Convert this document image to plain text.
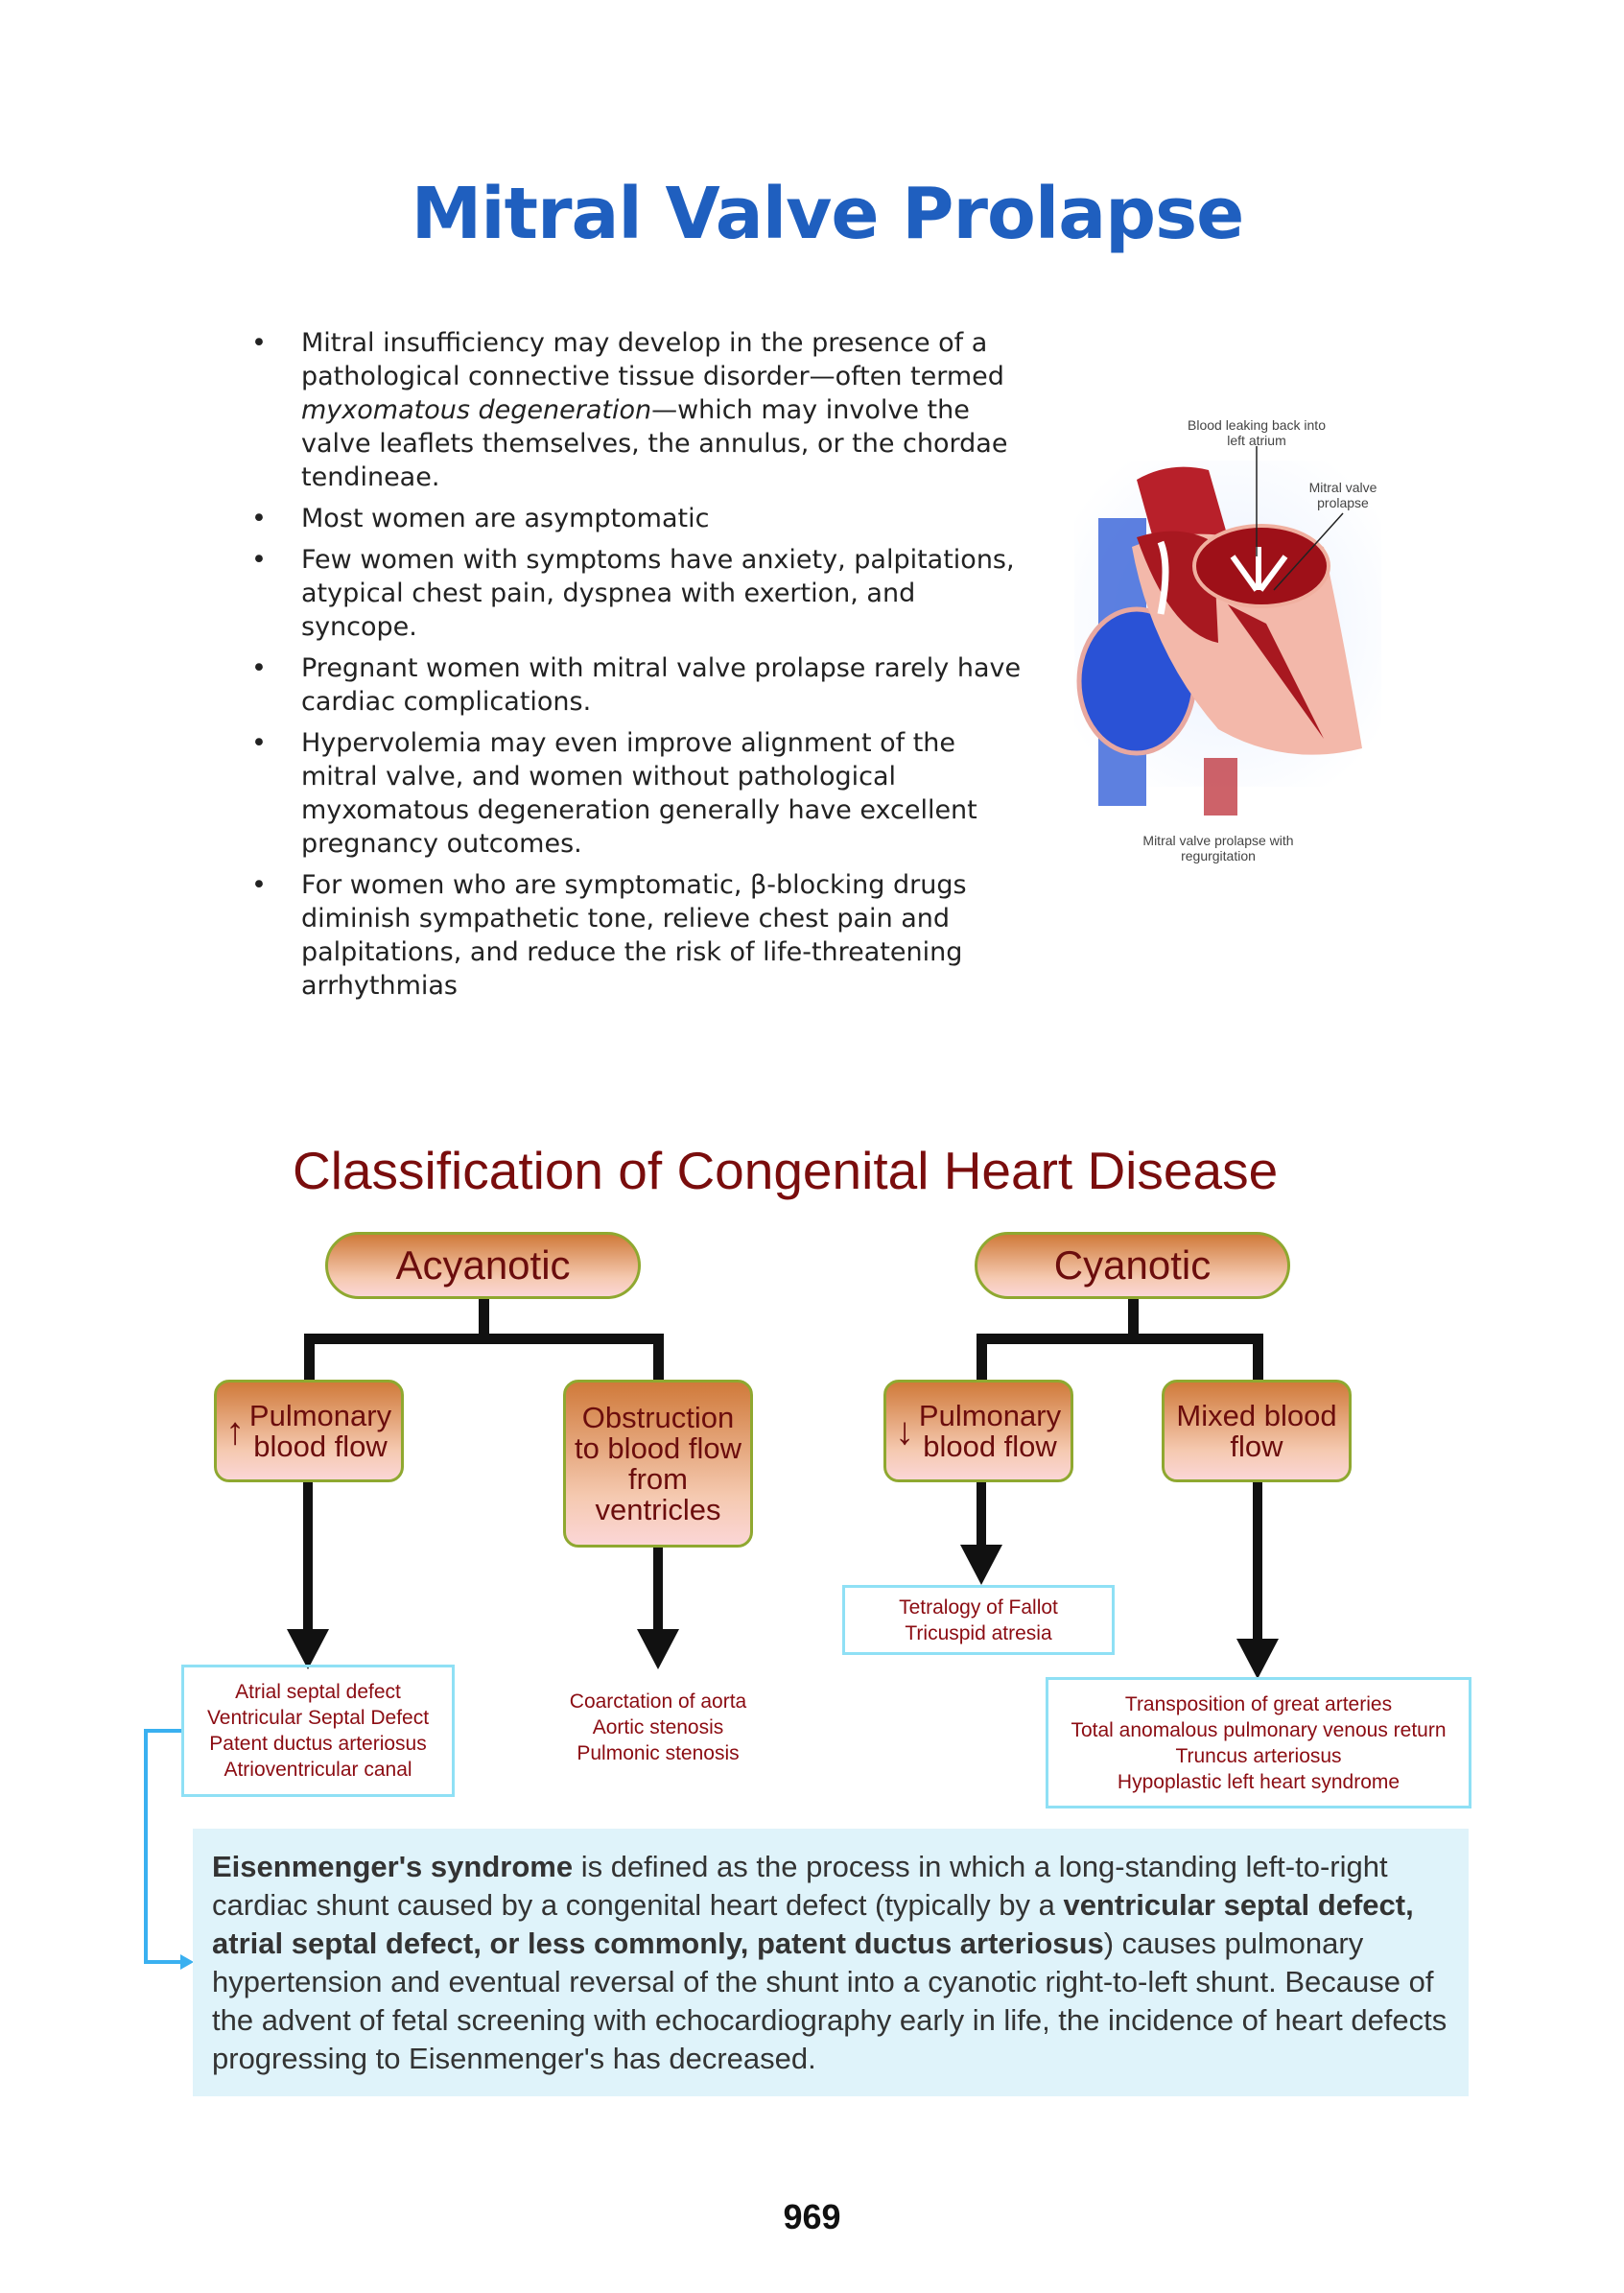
Mitral Valve Prolapse
• Mitral insufficiency may develop in the presence of a pathological connective tissue disorder—often termed myxomatous degeneration—which may involve the valve leaflets themselves, the annulus, or the chordae tendineae.
• Most women are asymptomatic
• Few women with symptoms have anxiety, palpitations, atypical chest pain, dyspnea with exertion, and syncope.
• Pregnant women with mitral valve prolapse rarely have cardiac complications.
• Hypervolemia may even improve alignment of the mitral valve, and women without pathological myxomatous degeneration generally have excellent pregnancy outcomes.
• For women who are symptomatic, β-blocking drugs diminish sympathetic tone, relieve chest pain and palpitations, and reduce the risk of life-threatening arrhythmias
Blood leaking back into left atrium
Mitral valve prolapse
Mitral valve prolapse with regurgitation
Classification of Congenital Heart Disease
Acyanotic	Cyanotic
↑ Pulmonary blood flow
Obstruction to blood flow from ventricles
↓ Pulmonary blood flow
Mixed blood flow
Atrial septal defect
Ventricular Septal Defect
Patent ductus arteriosus
Atrioventricular canal
Coarctation of aorta
Aortic stenosis
Pulmonic stenosis
Tetralogy of Fallot
Tricuspid atresia
Transposition of great arteries
Total anomalous pulmonary venous return
Truncus arteriosus
Hypoplastic left heart syndrome
Eisenmenger's syndrome is defined as the process in which a long-standing left-to-right cardiac shunt caused by a congenital heart defect (typically by a ventricular septal defect, atrial septal defect, or less commonly, patent ductus arteriosus) causes pulmonary hypertension and eventual reversal of the shunt into a cyanotic right-to-left shunt. Because of the advent of fetal screening with echocardiography early in life, the incidence of heart defects progressing to Eisenmenger's has decreased.
969
